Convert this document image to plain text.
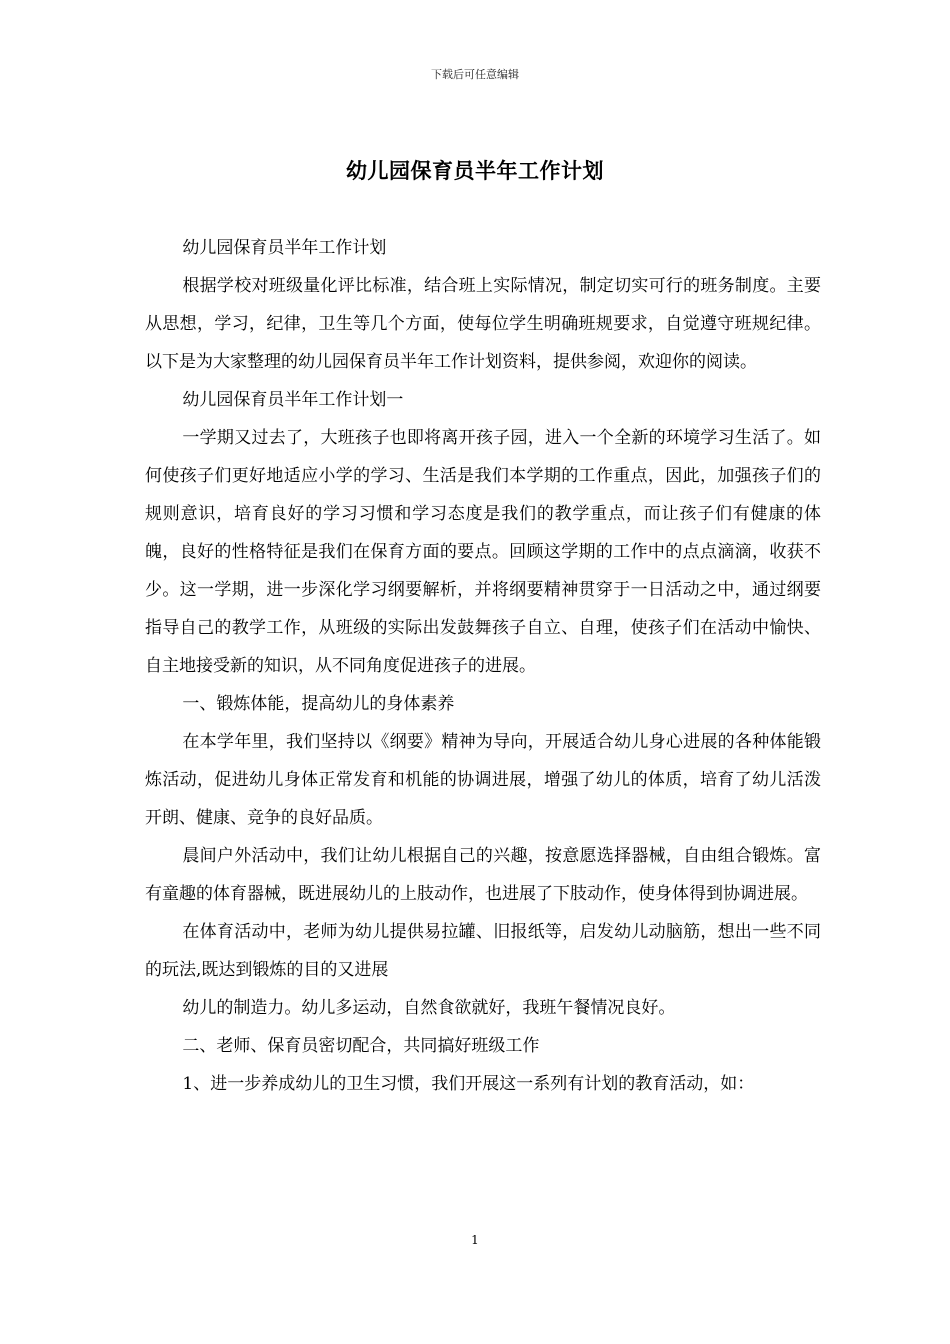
下载后可任意编辑
幼儿园保育员半年工作计划

幼儿园保育员半年工作计划

根据学校对班级量化评比标准，结合班上实际情况，制定切实可行的班务制度。主要从思想，学习，纪律，卫生等几个方面，使每位学生明确班规要求，自觉遵守班规纪律。以下是为大家整理的幼儿园保育员半年工作计划资料，提供参阅，欢迎你的阅读。

幼儿园保育员半年工作计划一

一学期又过去了，大班孩子也即将离开孩子园，进入一个全新的环境学习生活了。如何使孩子们更好地适应小学的学习、生活是我们本学期的工作重点，因此，加强孩子们的规则意识，培育良好的学习习惯和学习态度是我们的教学重点，而让孩子们有健康的体魄，良好的性格特征是我们在保育方面的要点。回顾这学期的工作中的点点滴滴，收获不少。这一学期，进一步深化学习纲要解析，并将纲要精神贯穿于一日活动之中，通过纲要指导自己的教学工作，从班级的实际出发鼓舞孩子自立、自理，使孩子们在活动中愉快、自主地接受新的知识，从不同角度促进孩子的进展。

一、锻炼体能，提高幼儿的身体素养

在本学年里，我们坚持以《纲要》精神为导向，开展适合幼儿身心进展的各种体能锻炼活动，促进幼儿身体正常发育和机能的协调进展，增强了幼儿的体质，培育了幼儿活泼开朗、健康、竞争的良好品质。

晨间户外活动中，我们让幼儿根据自己的兴趣，按意愿选择器械，自由组合锻炼。富有童趣的体育器械，既进展幼儿的上肢动作，也进展了下肢动作，使身体得到协调进展。

在体育活动中，老师为幼儿提供易拉罐、旧报纸等，启发幼儿动脑筋，想出一些不同的玩法,既达到锻炼的目的又进展

幼儿的制造力。幼儿多运动，自然食欲就好，我班午餐情况良好。

二、老师、保育员密切配合，共同搞好班级工作

1、进一步养成幼儿的卫生习惯，我们开展这一系列有计划的教育活动，如：

1
